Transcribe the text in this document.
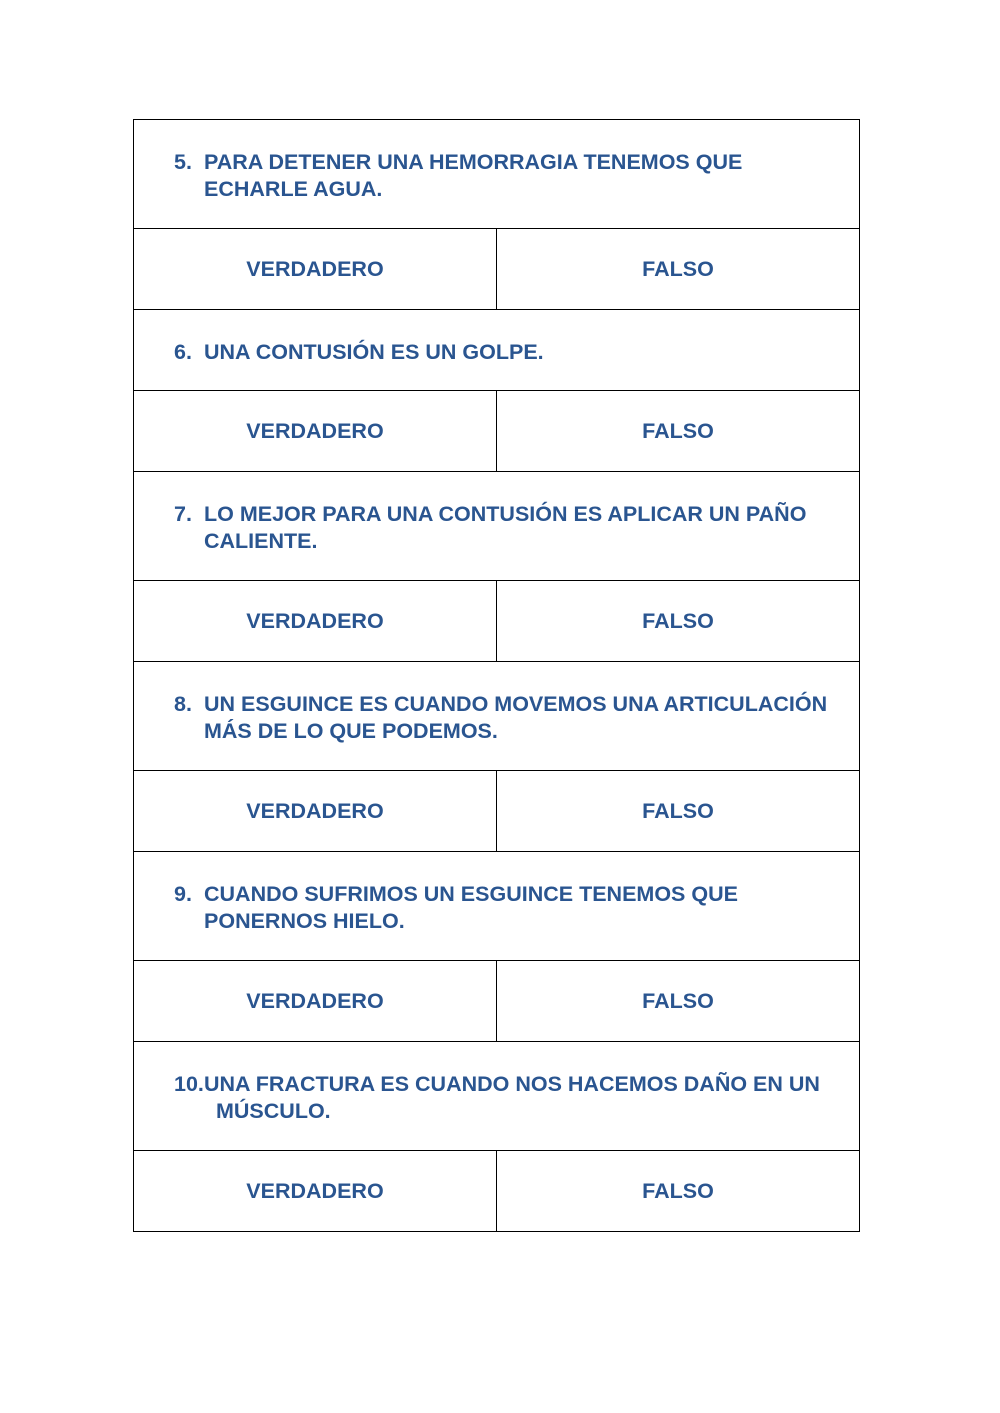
5. PARA DETENER UNA HEMORRAGIA TENEMOS QUE ECHARLE AGUA.	

VERDADERO	FALSO

6. UNA CONTUSIÓN ES UN GOLPE.	

VERDADERO	FALSO

7. LO MEJOR PARA UNA CONTUSIÓN ES APLICAR UN PAÑO CALIENTE.	

VERDADERO	FALSO

8. UN ESGUINCE ES CUANDO MOVEMOS UNA ARTICULACIÓN MÁS DE LO QUE PODEMOS.	

VERDADERO	FALSO

9. CUANDO SUFRIMOS UN ESGUINCE TENEMOS QUE PONERNOS HIELO.	

VERDADERO	FALSO

10. UNA FRACTURA ES CUANDO NOS HACEMOS DAÑO EN UN MÚSCULO.	

VERDADERO	FALSO
